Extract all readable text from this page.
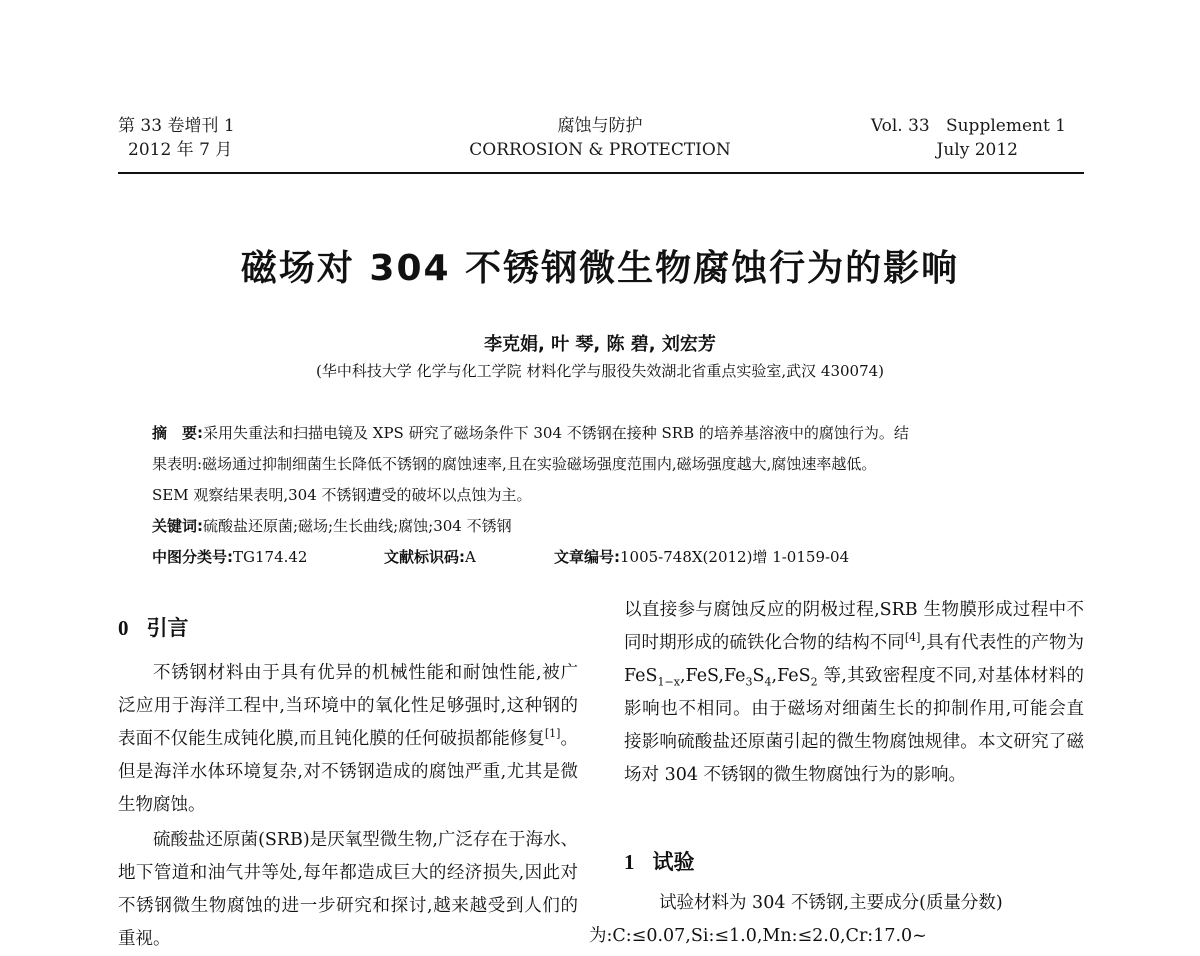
第 33 卷增刊 1
2012 年 7 月
腐蚀与防护
CORROSION & PROTECTION
Vol. 33   Supplement 1
July 2012
磁场对 304 不锈钢微生物腐蚀行为的影响
李克娟, 叶 琴, 陈 碧, 刘宏芳
(华中科技大学 化学与化工学院 材料化学与服役失效湖北省重点实验室,武汉 430074)
摘　要:采用失重法和扫描电镜及 XPS 研究了磁场条件下 304 不锈钢在接种 SRB 的培养基溶液中的腐蚀行为。结
果表明:磁场通过抑制细菌生长降低不锈钢的腐蚀速率,且在实验磁场强度范围内,磁场强度越大,腐蚀速率越低。
SEM 观察结果表明,304 不锈钢遭受的破坏以点蚀为主。
关键词:硫酸盐还原菌;磁场;生长曲线;腐蚀;304 不锈钢
中图分类号:TG174.42	文献标识码:A	文章编号:1005-748X(2012)增 1-0159-04
0 引言

不锈钢材料由于具有优异的机械性能和耐蚀性能,被广泛应用于海洋工程中,当环境中的氧化性足够强时,这种钢的表面不仅能生成钝化膜,而且钝化膜的任何破损都能修复[1]。但是海洋水体环境复杂,对不锈钢造成的腐蚀严重,尤其是微生物腐蚀。

硫酸盐还原菌(SRB)是厌氧型微生物,广泛存在于海水、地下管道和油气井等处,每年都造成巨大的经济损失,因此对不锈钢微生物腐蚀的进一步研究和探讨,越来越受到人们的重视。

以直接参与腐蚀反应的阴极过程,SRB 生物膜形成过程中不同时期形成的硫铁化合物的结构不同[4],具有代表性的产物为 $FeS_{1-x},FeS,Fe_3S_4,FeS_2$ 等,其致密程度不同,对基体材料的影响也不相同。由于磁场对细菌生长的抑制作用,可能会直接影响硫酸盐还原菌引起的微生物腐蚀规律。本文研究了磁场对 304 不锈钢的微生物腐蚀行为的影响。

1 试验

试验材料为 304 不锈钢,主要成分(质量分数)
为:C:≤0.07,Si:≤1.0,Mn:≤2.0,Cr:17.0~
